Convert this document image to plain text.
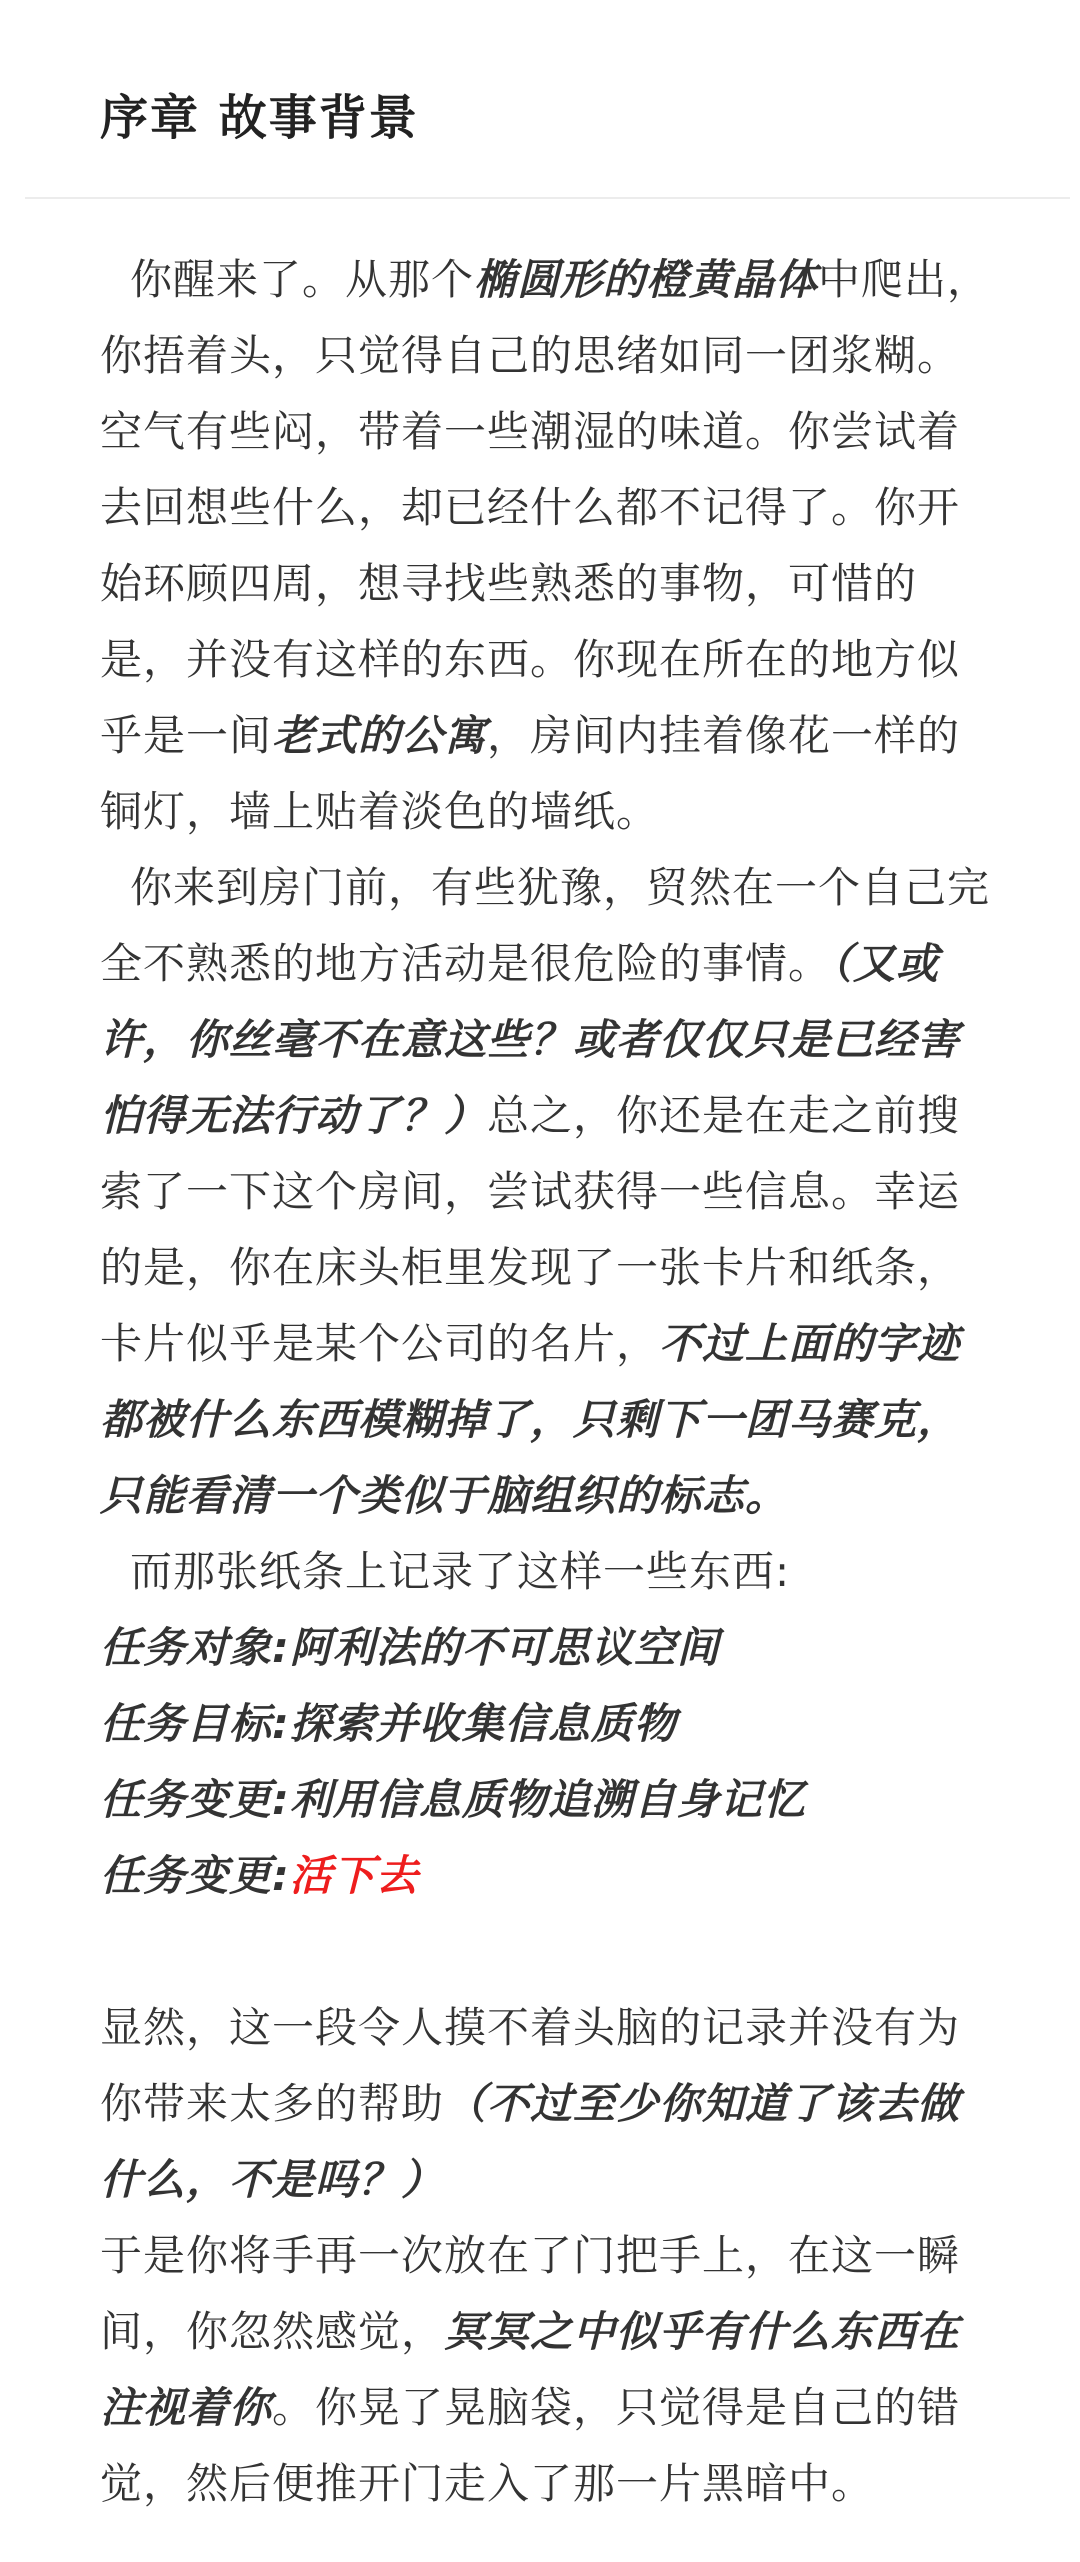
序章 故事背景

你醒来了。从那个椭圆形的橙黄晶体中爬出，你捂着头，只觉得自己的思绪如同一团浆糊。空气有些闷，带着一些潮湿的味道。你尝试着去回想些什么，却已经什么都不记得了。你开始环顾四周，想寻找些熟悉的事物，可惜的是，并没有这样的东西。你现在所在的地方似乎是一间老式的公寓，房间内挂着像花一样的铜灯，墙上贴着淡色的墙纸。

你来到房门前，有些犹豫，贸然在一个自己完全不熟悉的地方活动是很危险的事情。（又或许，你丝毫不在意这些？或者仅仅只是已经害怕得无法行动了？）总之，你还是在走之前搜索了一下这个房间，尝试获得一些信息。幸运的是，你在床头柜里发现了一张卡片和纸条，卡片似乎是某个公司的名片，不过上面的字迹都被什么东西模糊掉了，只剩下一团马赛克，只能看清一个类似于脑组织的标志。

而那张纸条上记录了这样一些东西:

任务对象:阿利法的不可思议空间

任务目标:探索并收集信息质物

任务变更:利用信息质物追溯自身记忆

任务变更:活下去

显然，这一段令人摸不着头脑的记录并没有为你带来太多的帮助（不过至少你知道了该去做什么，不是吗？）

于是你将手再一次放在了门把手上，在这一瞬间，你忽然感觉，冥冥之中似乎有什么东西在注视着你。你晃了晃脑袋，只觉得是自己的错觉，然后便推开门走入了那一片黑暗中。
